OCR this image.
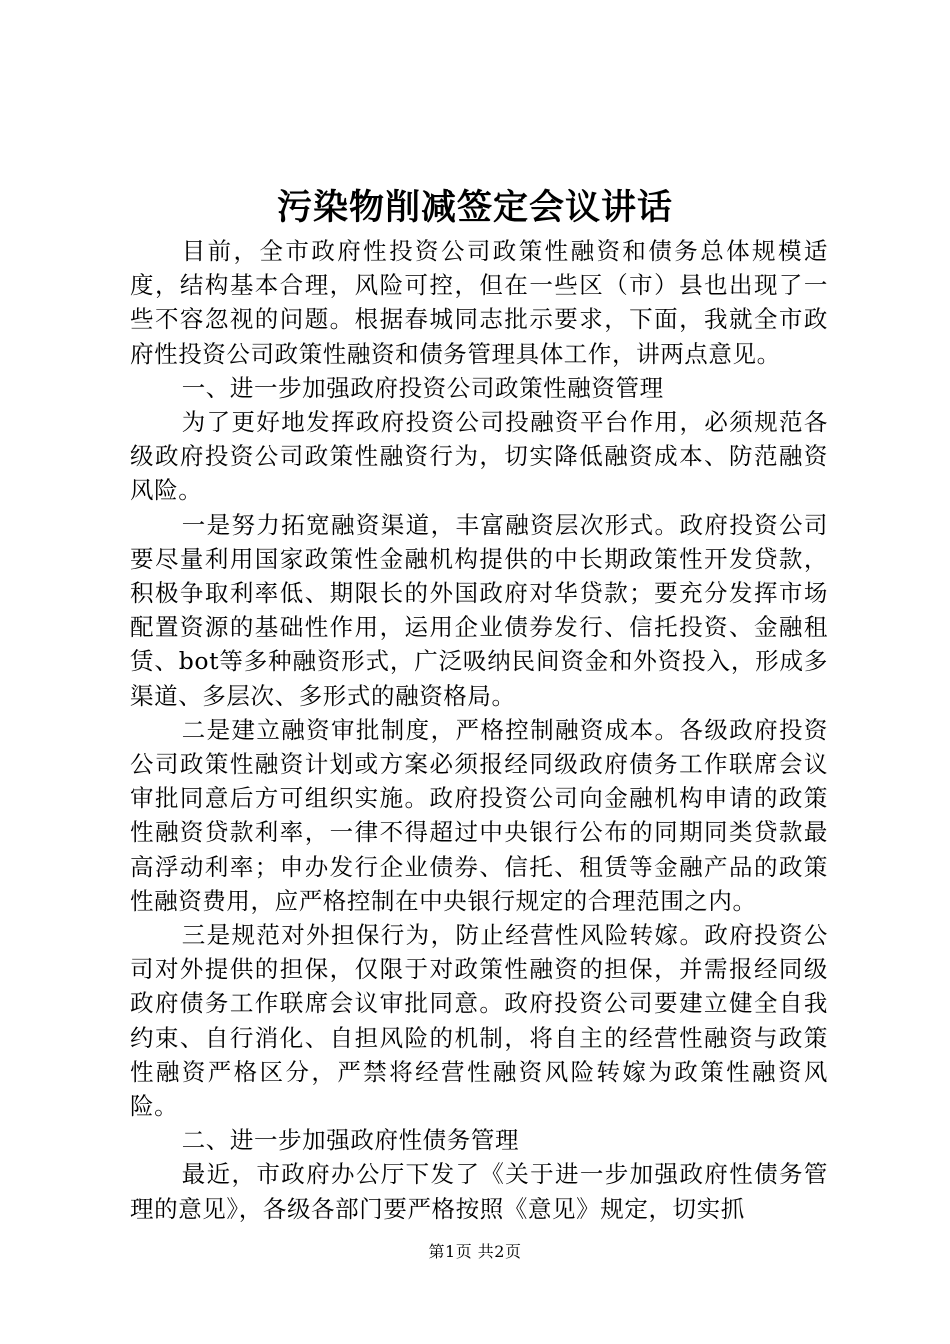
污染物削减签定会议讲话

目前，全市政府性投资公司政策性融资和债务总体规模适度，结构基本合理，风险可控，但在一些区（市）县也出现了一些不容忽视的问题。根据春城同志批示要求，下面，我就全市政府性投资公司政策性融资和债务管理具体工作，讲两点意见。

一、进一步加强政府投资公司政策性融资管理

为了更好地发挥政府投资公司投融资平台作用，必须规范各级政府投资公司政策性融资行为，切实降低融资成本、防范融资风险。

一是努力拓宽融资渠道，丰富融资层次形式。政府投资公司要尽量利用国家政策性金融机构提供的中长期政策性开发贷款，积极争取利率低、期限长的外国政府对华贷款；要充分发挥市场配置资源的基础性作用，运用企业债券发行、信托投资、金融租赁、bot等多种融资形式，广泛吸纳民间资金和外资投入，形成多渠道、多层次、多形式的融资格局。

二是建立融资审批制度，严格控制融资成本。各级政府投资公司政策性融资计划或方案必须报经同级政府债务工作联席会议审批同意后方可组织实施。政府投资公司向金融机构申请的政策性融资贷款利率，一律不得超过中央银行公布的同期同类贷款最高浮动利率；申办发行企业债券、信托、租赁等金融产品的政策性融资费用，应严格控制在中央银行规定的合理范围之内。

三是规范对外担保行为，防止经营性风险转嫁。政府投资公司对外提供的担保，仅限于对政策性融资的担保，并需报经同级政府债务工作联席会议审批同意。政府投资公司要建立健全自我约束、自行消化、自担风险的机制，将自主的经营性融资与政策性融资严格区分，严禁将经营性融资风险转嫁为政策性融资风险。

二、进一步加强政府性债务管理

最近，市政府办公厅下发了《关于进一步加强政府性债务管理的意见》，各级各部门要严格按照《意见》规定，切实抓

第1页 共2页
